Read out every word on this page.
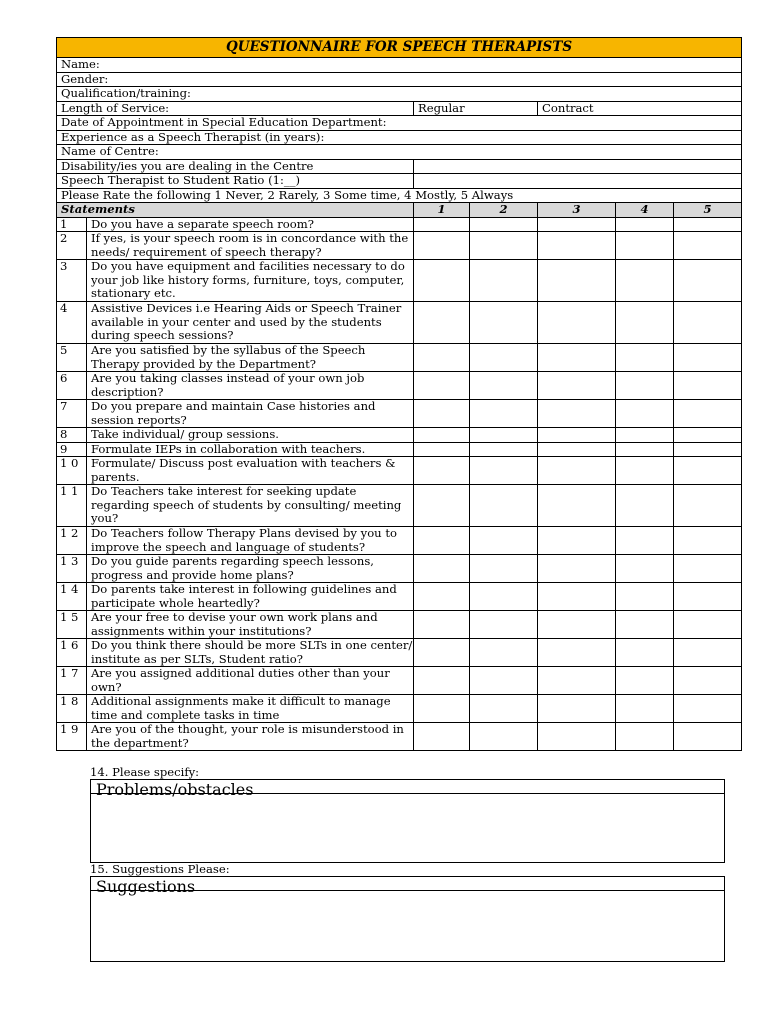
QUESTIONNAIRE FOR SPEECH THERAPISTS						
Name:						
Gender:						
Qualification/training:						
Length of Service:		Regular		Contract		
Date of Appointment in Special Education Department:						
Experience as a Speech Therapist (in years):						
Name of Centre:						
Disability/ies you are dealing in the Centre						
Speech Therapist to Student Ratio (1:__)						
Please Rate the following 1 Never, 2 Rarely, 3 Some time, 4 Mostly, 5 Always						
Statements		1	2	3	4	5
1	Do you have a separate speech room?					
2	If yes, is your speech room is in concordance with the needs/ requirement of speech therapy?					
3	Do you have equipment and facilities necessary to do your job like history forms, furniture, toys, computer, stationary etc.					
4	Assistive Devices i.e Hearing Aids or Speech Trainer available in your center and used by the students during speech sessions?					
5	Are you satisfied by the syllabus of the Speech Therapy provided by the Department?					
6	Are you taking classes instead of your own job description?					
7	Do you prepare and maintain Case histories and session reports?					
8	Take individual/ group sessions.					
9	Formulate IEPs in collaboration with teachers.					
1 0	Formulate/ Discuss post evaluation with teachers & parents.					
1 1	Do Teachers take interest for seeking update regarding speech of students by consulting/ meeting you?					
1 2	Do Teachers follow Therapy Plans devised by you to improve the speech and language of students?					
1 3	Do you guide parents regarding speech lessons, progress and provide home plans?					
1 4	Do parents take interest in following guidelines and participate whole heartedly?					
1 5	Are your free to devise your own work plans and assignments within your institutions?					
1 6	Do you think there should be more SLTs in one center/ institute as per SLTs, Student ratio?					
1 7	Are you assigned additional duties other than your own?					
1 8	Additional assignments make it difficult to manage time and complete tasks in time					
1 9	Are you of the thought, your role is misunderstood in the department?					
14. Please specify:
Problems/obstacles
15. Suggestions Please:
Suggestions
